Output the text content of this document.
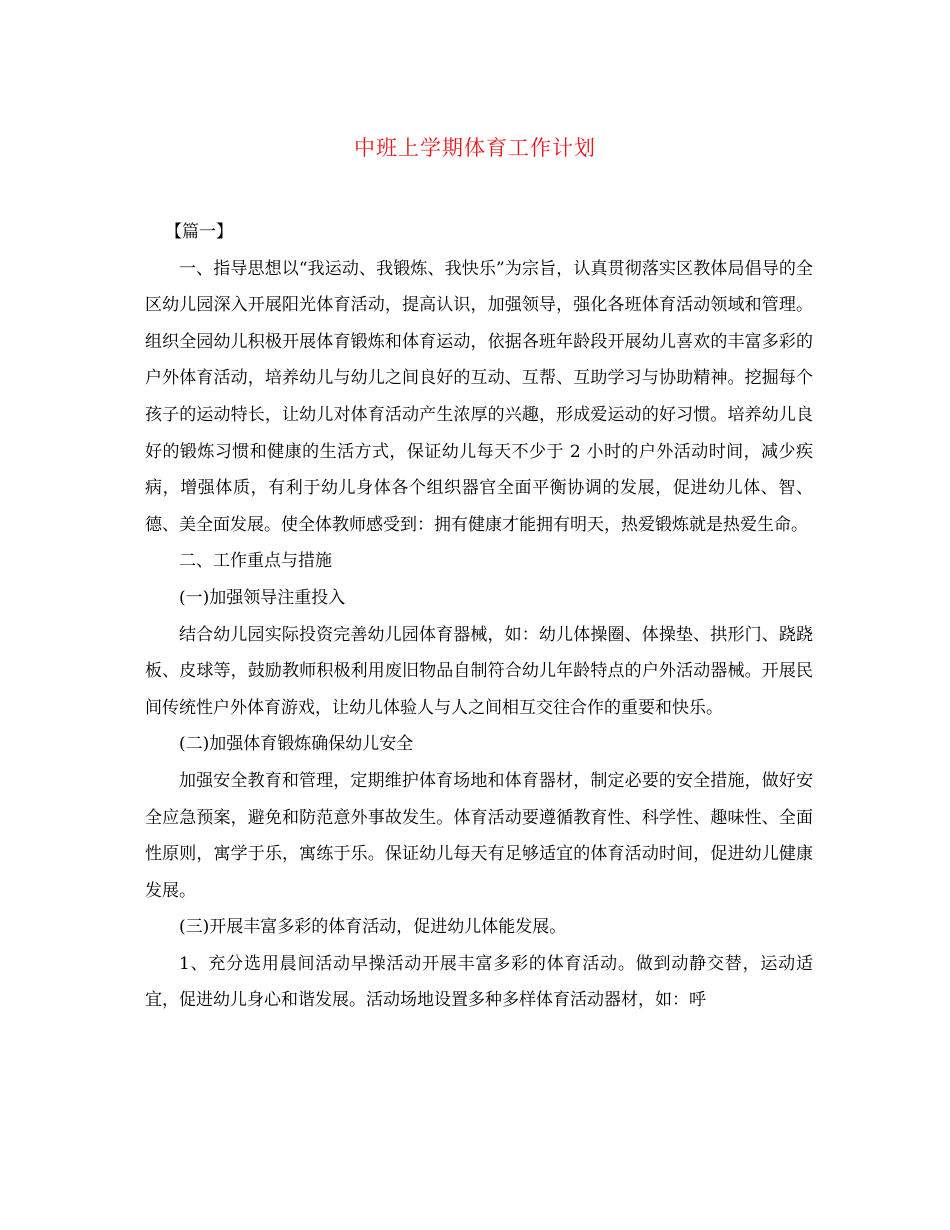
中班上学期体育工作计划

【篇一】

一、指导思想以“我运动、我锻炼、我快乐”为宗旨，认真贯彻落实区教体局倡导的全区幼儿园深入开展阳光体育活动，提高认识，加强领导，强化各班体育活动领域和管理。组织全园幼儿积极开展体育锻炼和体育运动，依据各班年龄段开展幼儿喜欢的丰富多彩的户外体育活动，培养幼儿与幼儿之间良好的互动、互帮、互助学习与协助精神。挖掘每个孩子的运动特长，让幼儿对体育活动产生浓厚的兴趣，形成爱运动的好习惯。培养幼儿良好的锻炼习惯和健康的生活方式，保证幼儿每天不少于 2 小时的户外活动时间，减少疾病，增强体质，有利于幼儿身体各个组织器官全面平衡协调的发展，促进幼儿体、智、德、美全面发展。使全体教师感受到：拥有健康才能拥有明天，热爱锻炼就是热爱生命。

二、工作重点与措施

(一)加强领导注重投入

结合幼儿园实际投资完善幼儿园体育器械，如：幼儿体操圈、体操垫、拱形门、跷跷板、皮球等，鼓励教师积极利用废旧物品自制符合幼儿年龄特点的户外活动器械。开展民间传统性户外体育游戏，让幼儿体验人与人之间相互交往合作的重要和快乐。

(二)加强体育锻炼确保幼儿安全

加强安全教育和管理，定期维护体育场地和体育器材，制定必要的安全措施，做好安全应急预案，避免和防范意外事故发生。体育活动要遵循教育性、科学性、趣味性、全面性原则，寓学于乐，寓练于乐。保证幼儿每天有足够适宜的体育活动时间，促进幼儿健康发展。

(三)开展丰富多彩的体育活动，促进幼儿体能发展。

1、充分选用晨间活动早操活动开展丰富多彩的体育活动。做到动静交替，运动适宜，促进幼儿身心和谐发展。活动场地设置多种多样体育活动器材，如：呼
